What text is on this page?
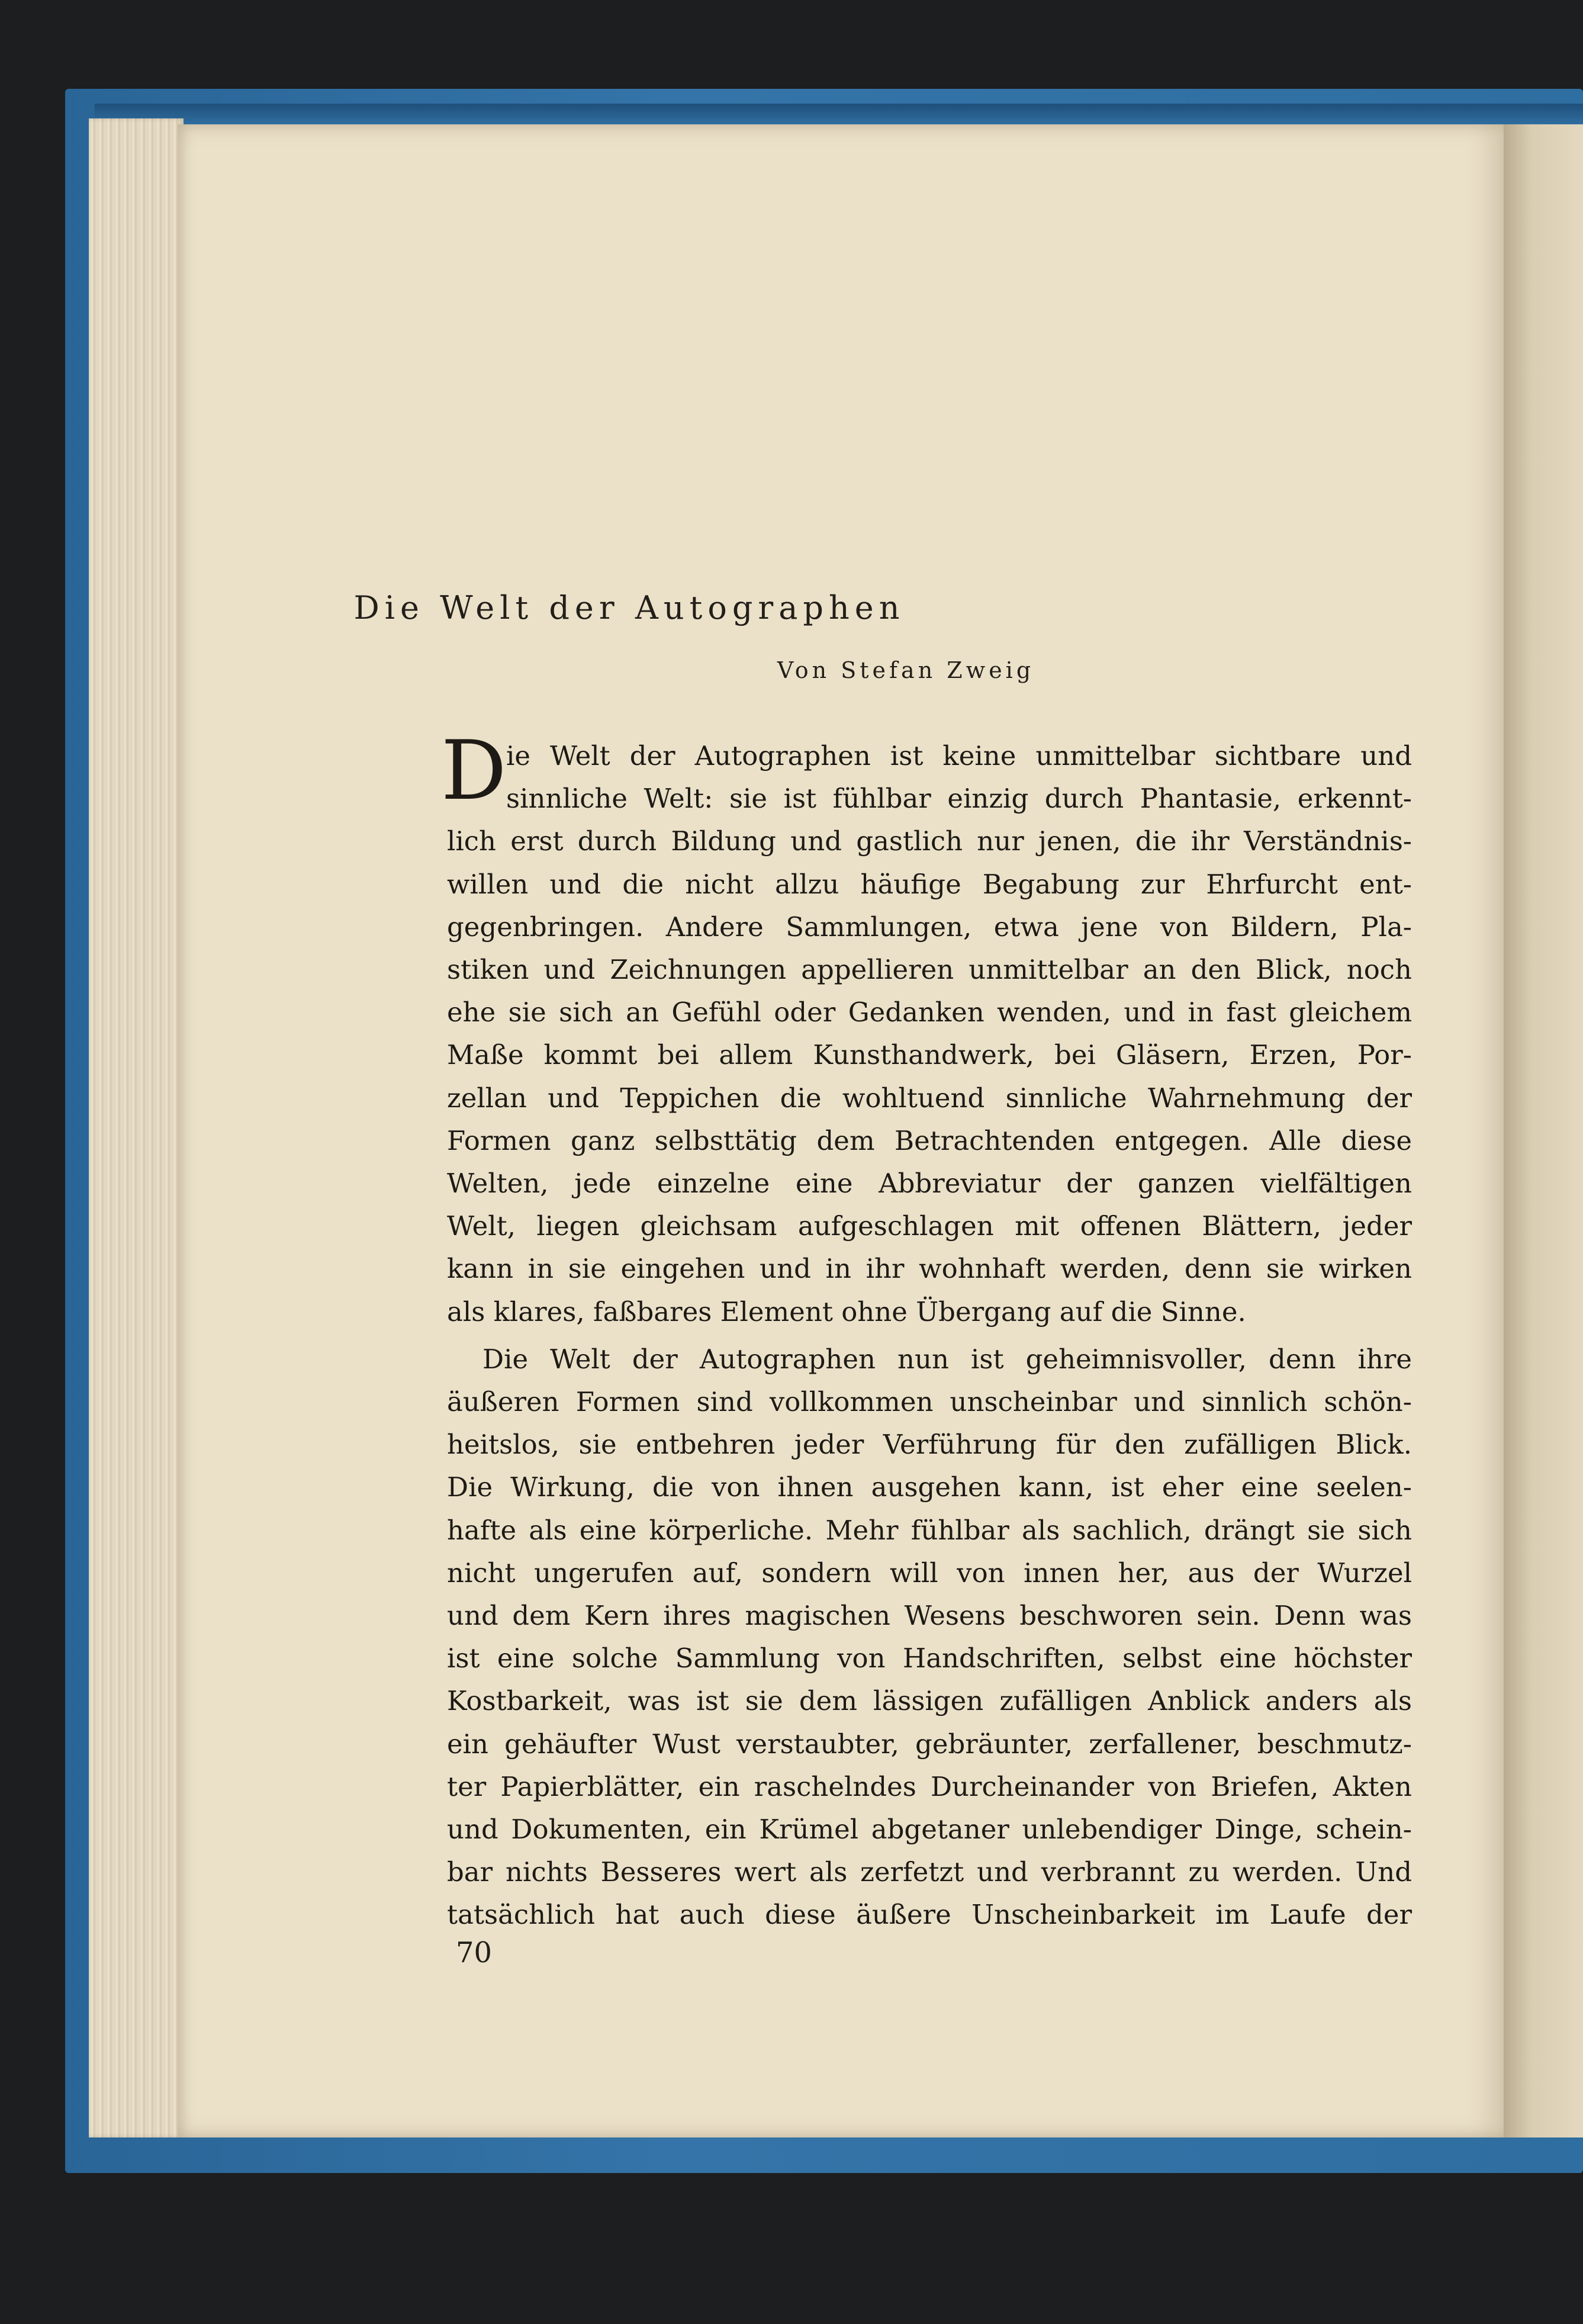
Die Welt der Autographen
Von Stefan Zweig
D ie Welt der Autographen ist keine unmittelbar sichtbare und
sinnliche Welt: sie ist fühlbar einzig durch Phantasie, erkennt-
lich erst durch Bildung und gastlich nur jenen, die ihr Verständnis-
willen und die nicht allzu häufige Begabung zur Ehrfurcht ent-
gegenbringen. Andere Sammlungen, etwa jene von Bildern, Pla-
stiken und Zeichnungen appellieren unmittelbar an den Blick, noch
ehe sie sich an Gefühl oder Gedanken wenden, und in fast gleichem
Maße kommt bei allem Kunsthandwerk, bei Gläsern, Erzen, Por-
zellan und Teppichen die wohltuend sinnliche Wahrnehmung der
Formen ganz selbsttätig dem Betrachtenden entgegen. Alle diese
Welten, jede einzelne eine Abbreviatur der ganzen vielfältigen
Welt, liegen gleichsam aufgeschlagen mit offenen Blättern, jeder
kann in sie eingehen und in ihr wohnhaft werden, denn sie wirken
als klares, faßbares Element ohne Übergang auf die Sinne.
Die Welt der Autographen nun ist geheimnisvoller, denn ihre
äußeren Formen sind vollkommen unscheinbar und sinnlich schön-
heitslos, sie entbehren jeder Verführung für den zufälligen Blick.
Die Wirkung, die von ihnen ausgehen kann, ist eher eine seelen-
hafte als eine körperliche. Mehr fühlbar als sachlich, drängt sie sich
nicht ungerufen auf, sondern will von innen her, aus der Wurzel
und dem Kern ihres magischen Wesens beschworen sein. Denn was
ist eine solche Sammlung von Handschriften, selbst eine höchster
Kostbarkeit, was ist sie dem lässigen zufälligen Anblick anders als
ein gehäufter Wust verstaubter, gebräunter, zerfallener, beschmutz-
ter Papierblätter, ein raschelndes Durcheinander von Briefen, Akten
und Dokumenten, ein Krümel abgetaner unlebendiger Dinge, schein-
bar nichts Besseres wert als zerfetzt und verbrannt zu werden. Und
tatsächlich hat auch diese äußere Unscheinbarkeit im Laufe der
70
